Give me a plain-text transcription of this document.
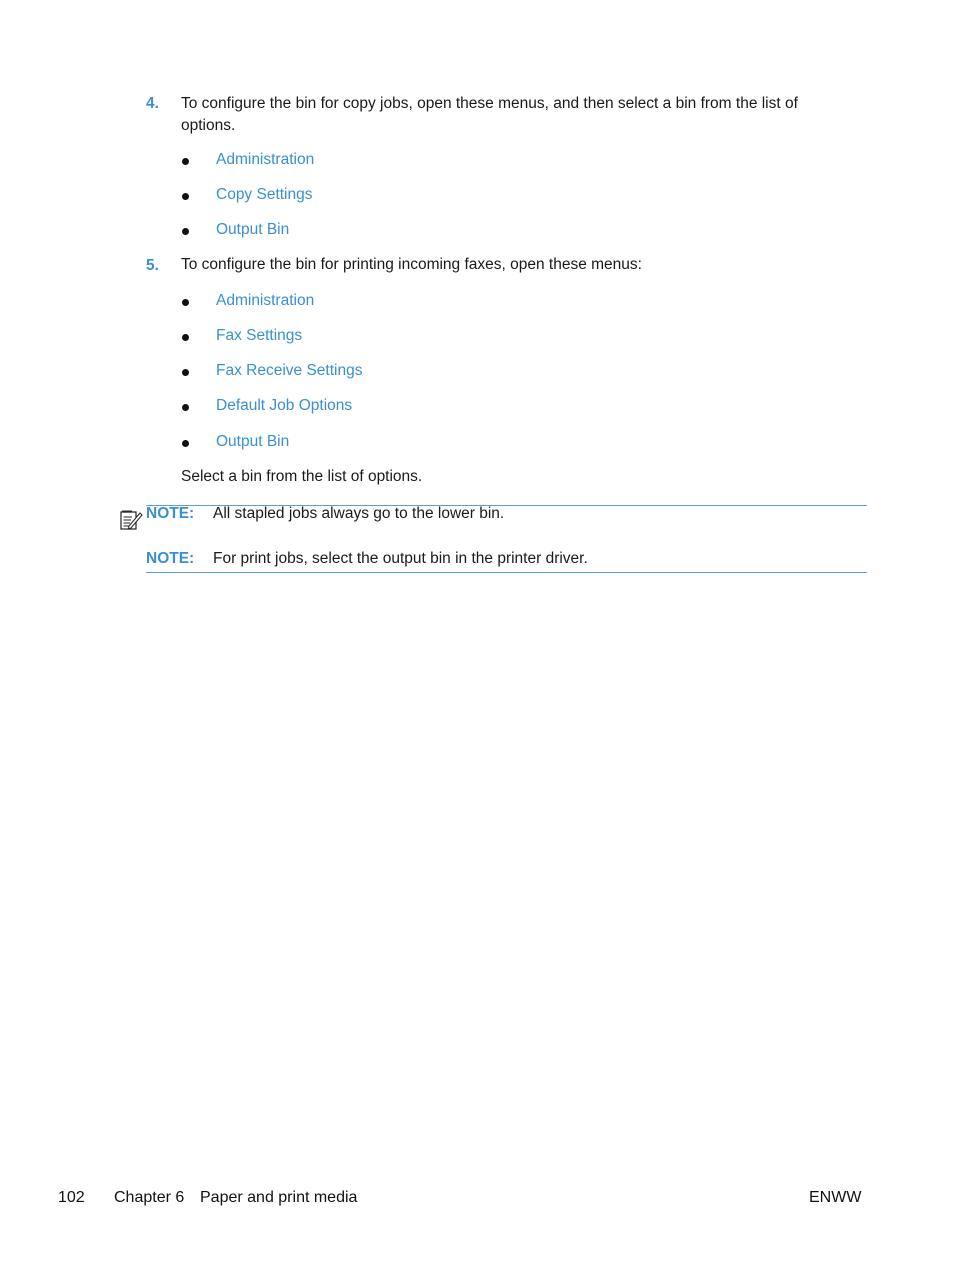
4. To configure the bin for copy jobs, open these menus, and then select a bin from the list of options.
Administration
Copy Settings
Output Bin
5. To configure the bin for printing incoming faxes, open these menus:
Administration
Fax Settings
Fax Receive Settings
Default Job Options
Output Bin
Select a bin from the list of options.
NOTE: All stapled jobs always go to the lower bin.
NOTE: For print jobs, select the output bin in the printer driver.
102 Chapter 6 Paper and print media	ENWW
